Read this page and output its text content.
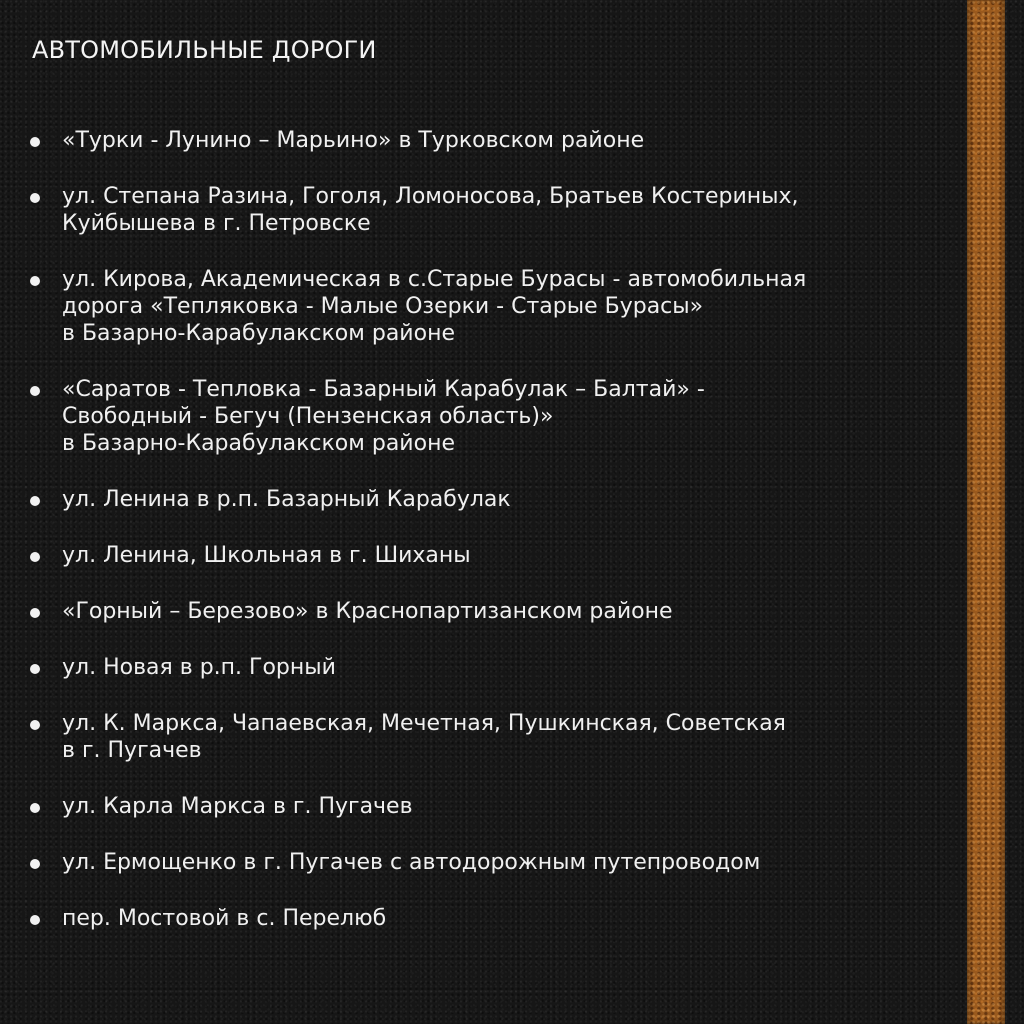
АВТОМОБИЛЬНЫЕ ДОРОГИ
«Турки - Лунино – Марьино» в Турковском районе
ул. Степана Разина, Гоголя, Ломоносова, Братьев Костериных,
Куйбышева в г. Петровске
ул. Кирова, Академическая в с.Старые Бурасы - автомобильная
дорога «Тепляковка - Малые Озерки - Старые Бурасы»
в Базарно-Карабулакском районе
«Саратов - Тепловка - Базарный Карабулак – Балтай» -
Свободный - Бегуч (Пензенская область)»
в Базарно-Карабулакском районе
ул. Ленина в р.п. Базарный Карабулак
ул. Ленина, Школьная в г. Шиханы
«Горный – Березово» в Краснопартизанском районе
ул. Новая в р.п. Горный
ул. К. Маркса, Чапаевская, Мечетная, Пушкинская, Советская
в г. Пугачев
ул. Карла Маркса в г. Пугачев
ул. Ермощенко в г. Пугачев с автодорожным путепроводом
пер. Мостовой в с. Перелюб
